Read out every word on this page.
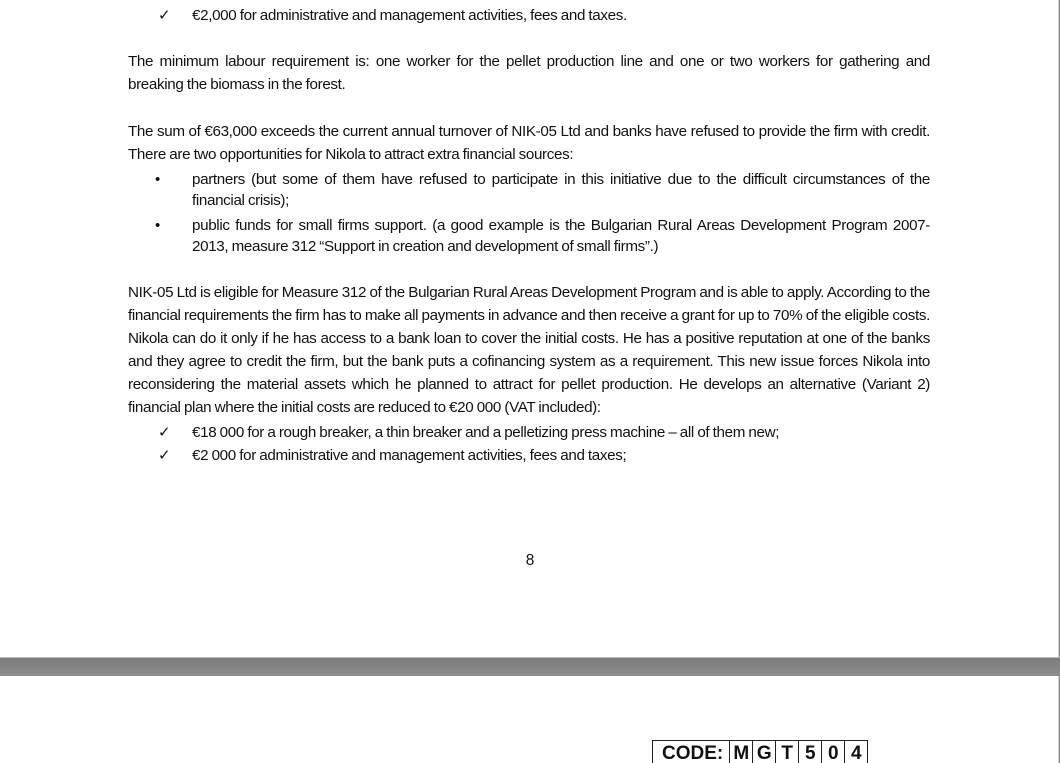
✓ €2,000 for administrative and management activities, fees and taxes.

The minimum labour requirement is: one worker for the pellet production line and one or two workers for gathering and breaking the biomass in the forest.

The sum of €63,000 exceeds the current annual turnover of NIK-05 Ltd and banks have refused to provide the firm with credit. There are two opportunities for Nikola to attract extra financial sources:

• partners (but some of them have refused to participate in this initiative due to the difficult circumstances of the financial crisis);
• public funds for small firms support. (a good example is the Bulgarian Rural Areas Development Program 2007-2013, measure 312 “Support in creation and development of small firms”.)

NIK-05 Ltd is eligible for Measure 312 of the Bulgarian Rural Areas Development Program and is able to apply. According to the financial requirements the firm has to make all payments in advance and then receive a grant for up to 70% of the eligible costs. Nikola can do it only if he has access to a bank loan to cover the initial costs. He has a positive reputation at one of the banks and they agree to credit the firm, but the bank puts a cofinancing system as a requirement. This new issue forces Nikola into reconsidering the material assets which he planned to attract for pellet production. He develops an alternative (Variant 2) financial plan where the initial costs are reduced to €20 000 (VAT included):

✓ €18 000 for a rough breaker, a thin breaker and a pelletizing press machine – all of them new;
✓ €2 000 for administrative and management activities, fees and taxes;
8
CODE: M G T 5 0 4
